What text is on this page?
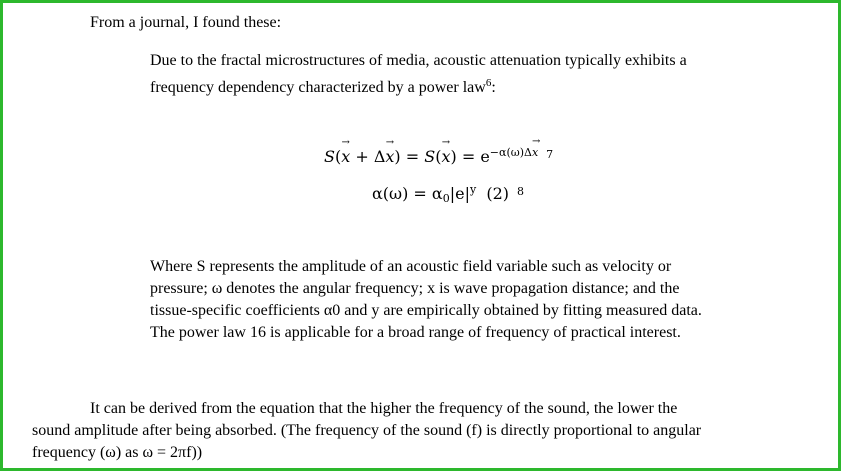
From a journal, I found these:
Due to the fractal microstructures of media, acoustic attenuation typically exhibits a
frequency dependency characterized by a power law$^6$:
$S(\to x + \Delta\to x) = S(\to x) = e^{-\alpha(\omega)\Delta\to x}$ $^7$
$\alpha(\omega) = \alpha_0|e|^y$ (2) $^8$
Where S represents the amplitude of an acoustic field variable such as velocity or
pressure; ω denotes the angular frequency; x is wave propagation distance; and the
tissue-specific coefficients α0 and y are empirically obtained by fitting measured data.
The power law 16 is applicable for a broad range of frequency of practical interest.
It can be derived from the equation that the higher the frequency of the sound, the lower the
sound amplitude after being absorbed. (The frequency of the sound (f) is directly proportional to angular
frequency (ω) as ω = 2πf))
